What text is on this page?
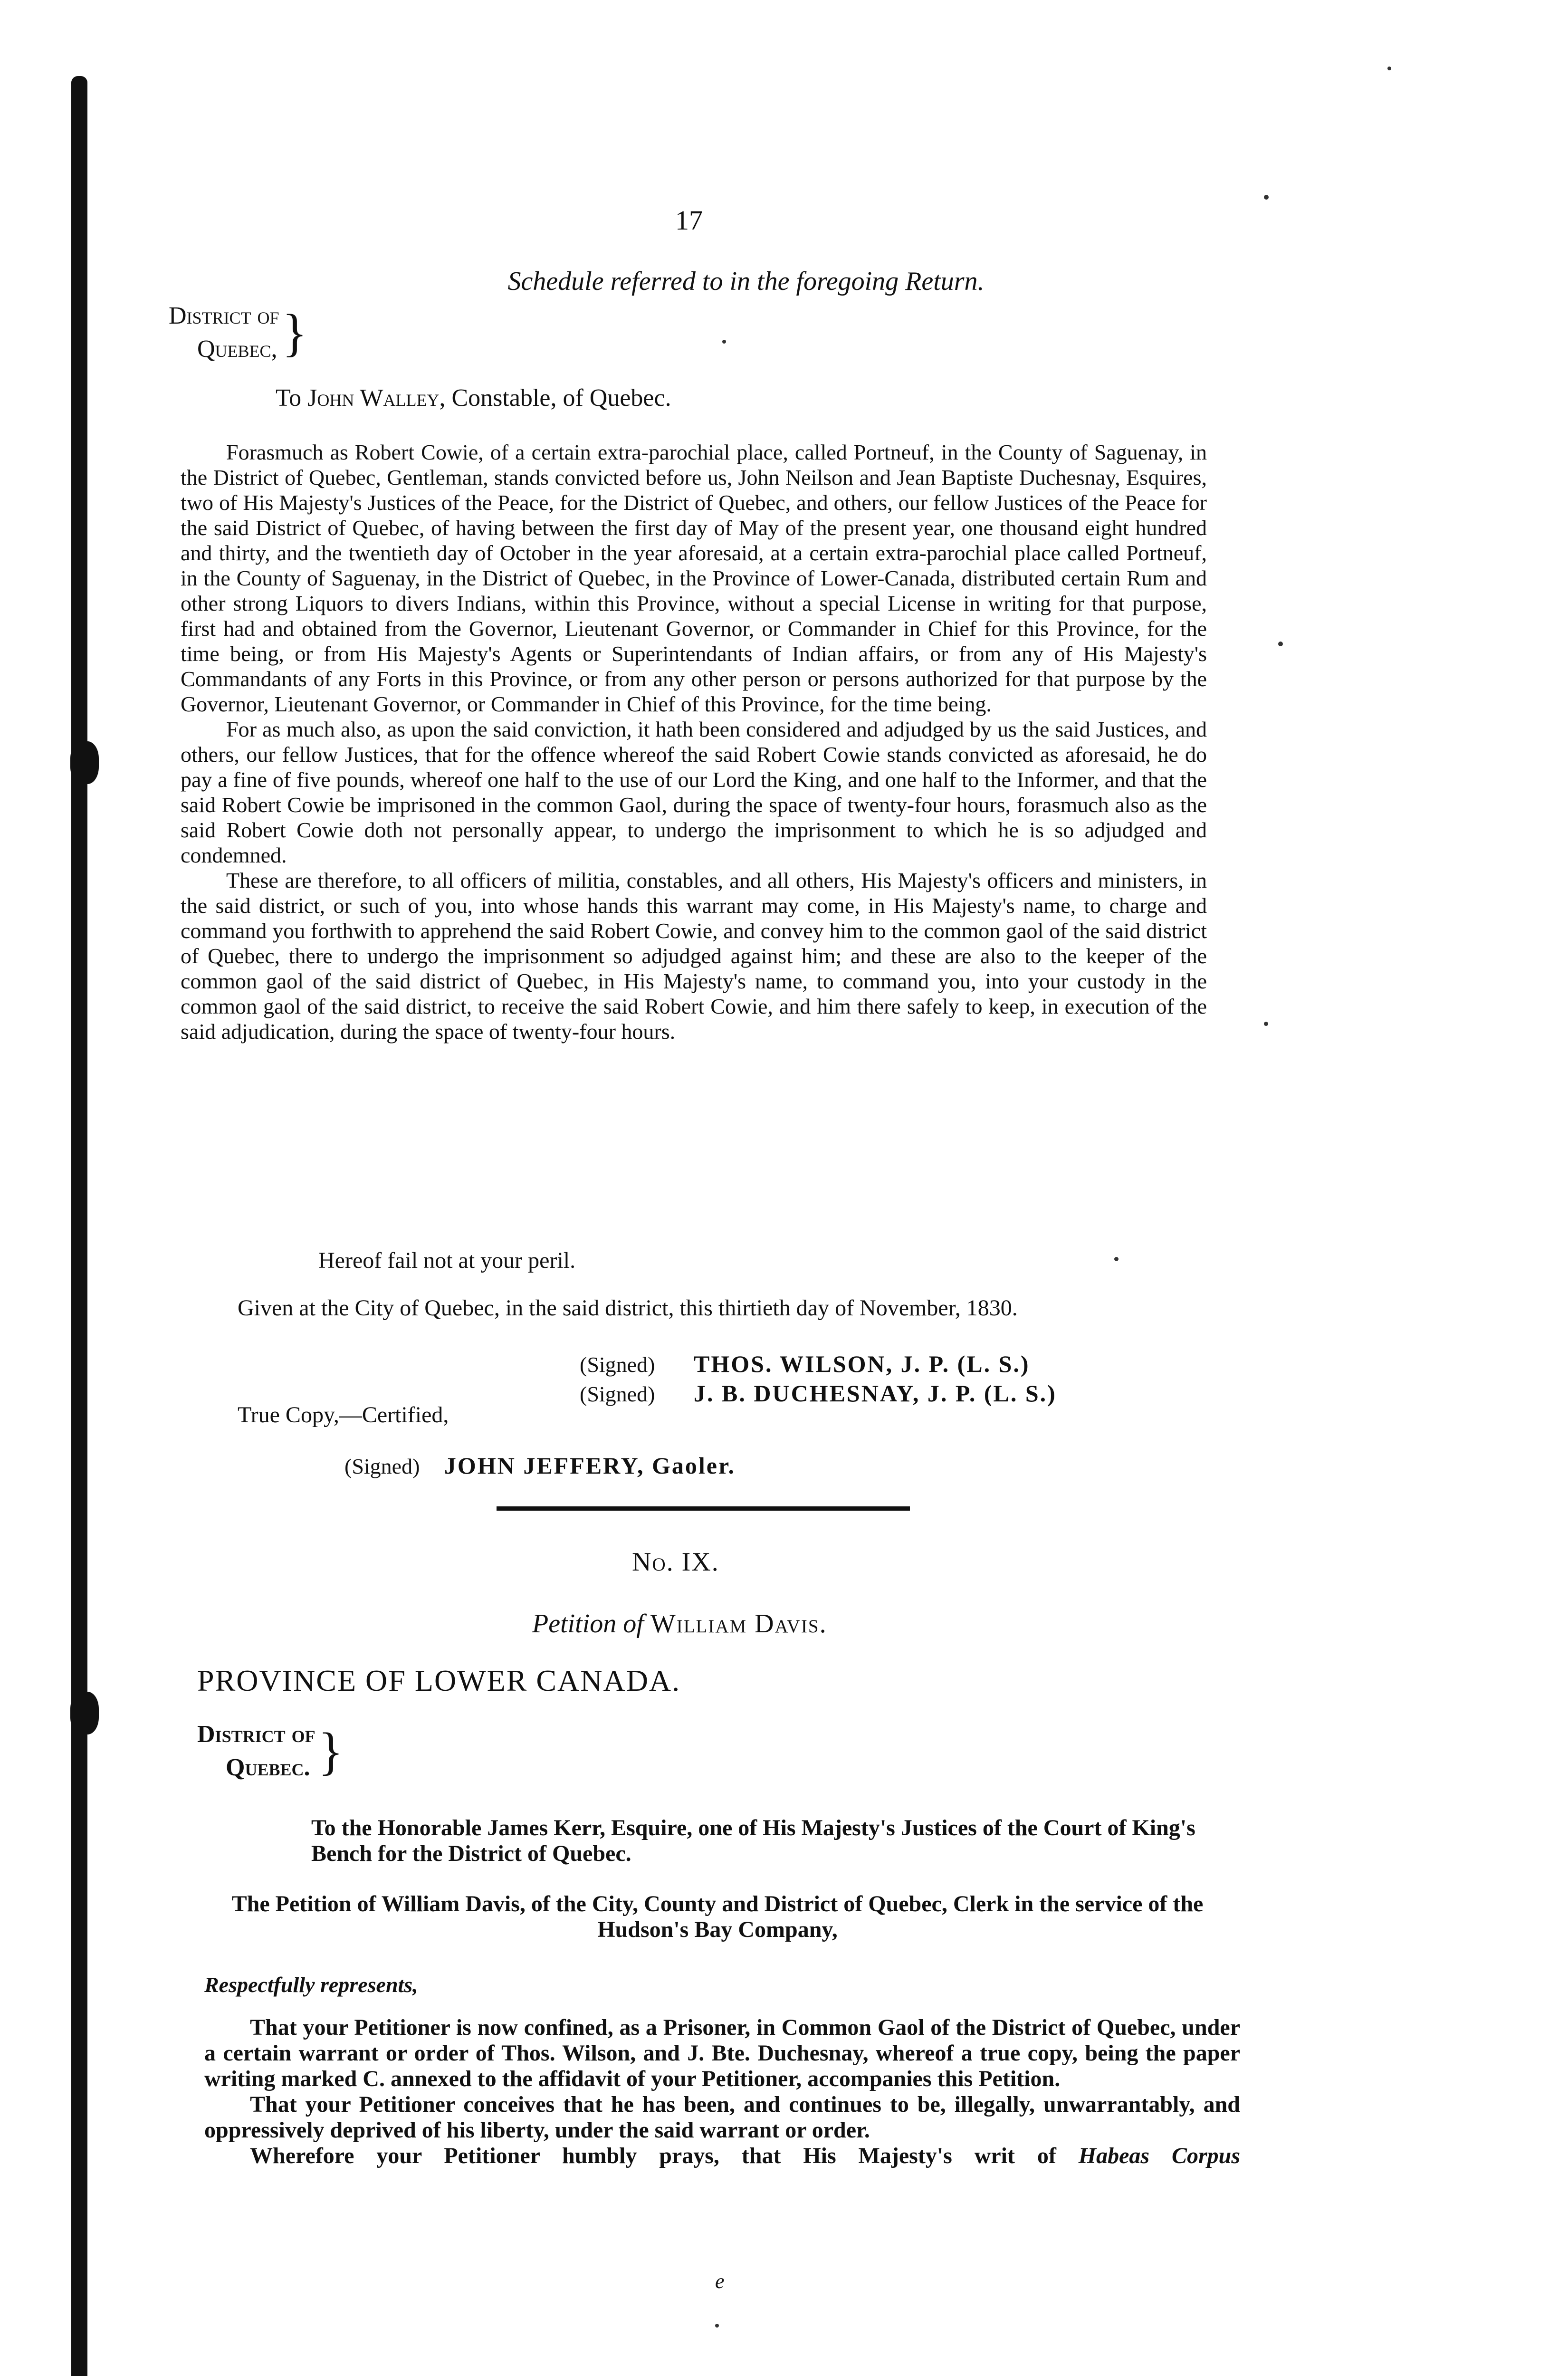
17
Schedule referred to in the foregoing Return.
District of
Quebec, }
To John Walley, Constable, of Quebec.

Forasmuch as Robert Cowie, of a certain extra-parochial place, called Portneuf, in the County of Saguenay, in the District of Quebec, Gentleman, stands convicted before us, John Neilson and Jean Baptiste Duchesnay, Esquires, two of His Majesty's Justices of the Peace, for the District of Quebec, and others, our fellow Justices of the Peace for the said District of Quebec, of having between the first day of May of the present year, one thousand eight hundred and thirty, and the twentieth day of October in the year aforesaid, at a certain extra-parochial place called Portneuf, in the County of Saguenay, in the District of Quebec, in the Province of Lower-Canada, distributed certain Rum and other strong Liquors to divers Indians, within this Province, without a special License in writing for that purpose, first had and obtained from the Governor, Lieutenant Governor, or Commander in Chief for this Province, for the time being, or from His Majesty's Agents or Superintendants of Indian affairs, or from any of His Majesty's Commandants of any Forts in this Province, or from any other person or persons authorized for that purpose by the Governor, Lieutenant Governor, or Commander in Chief of this Province, for the time being.

For as much also, as upon the said conviction, it hath been considered and adjudged by us the said Justices, and others, our fellow Justices, that for the offence whereof the said Robert Cowie stands convicted as aforesaid, he do pay a fine of five pounds, whereof one half to the use of our Lord the King, and one half to the Informer, and that the said Robert Cowie be imprisoned in the common Gaol, during the space of twenty-four hours, forasmuch also as the said Robert Cowie doth not personally appear, to undergo the imprisonment to which he is so adjudged and condemned.

These are therefore, to all officers of militia, constables, and all others, His Majesty's officers and ministers, in the said district, or such of you, into whose hands this warrant may come, in His Majesty's name, to charge and command you forthwith to apprehend the said Robert Cowie, and convey him to the common gaol of the said district of Quebec, there to undergo the imprisonment so adjudged against him; and these are also to the keeper of the common gaol of the said district of Quebec, in His Majesty's name, to command you, into your custody in the common gaol of the said district, to receive the said Robert Cowie, and him there safely to keep, in execution of the said adjudication, during the space of twenty-four hours.

Hereof fail not at your peril.
Given at the City of Quebec, in the said district, this thirtieth day of November, 1830.
(Signed) THOS. WILSON, J. P. (L. S.)
(Signed) J. B. DUCHESNAY, J. P. (L. S.)
True Copy,—Certified,
(Signed) JOHN JEFFERY, Gaoler.
No. IX.
Petition of William Davis.
PROVINCE OF LOWER CANADA.
District of
Quebec. }
To the Honorable James Kerr, Esquire, one of His Majesty's Justices of the Court of King's Bench for the District of Quebec.
The Petition of William Davis, of the City, County and District of Quebec, Clerk in the service of the Hudson's Bay Company,
Respectfully represents,

That your Petitioner is now confined, as a Prisoner, in Common Gaol of the District of Quebec, under a certain warrant or order of Thos. Wilson, and J. Bte. Duchesnay, whereof a true copy, being the paper writing marked C. annexed to the affidavit of your Petitioner, accompanies this Petition.

That your Petitioner conceives that he has been, and continues to be, illegally, unwarrantably, and oppressively deprived of his liberty, under the said warrant or order.

Wherefore your Petitioner humbly prays, that His Majesty's writ of Habeas Corpus

e
